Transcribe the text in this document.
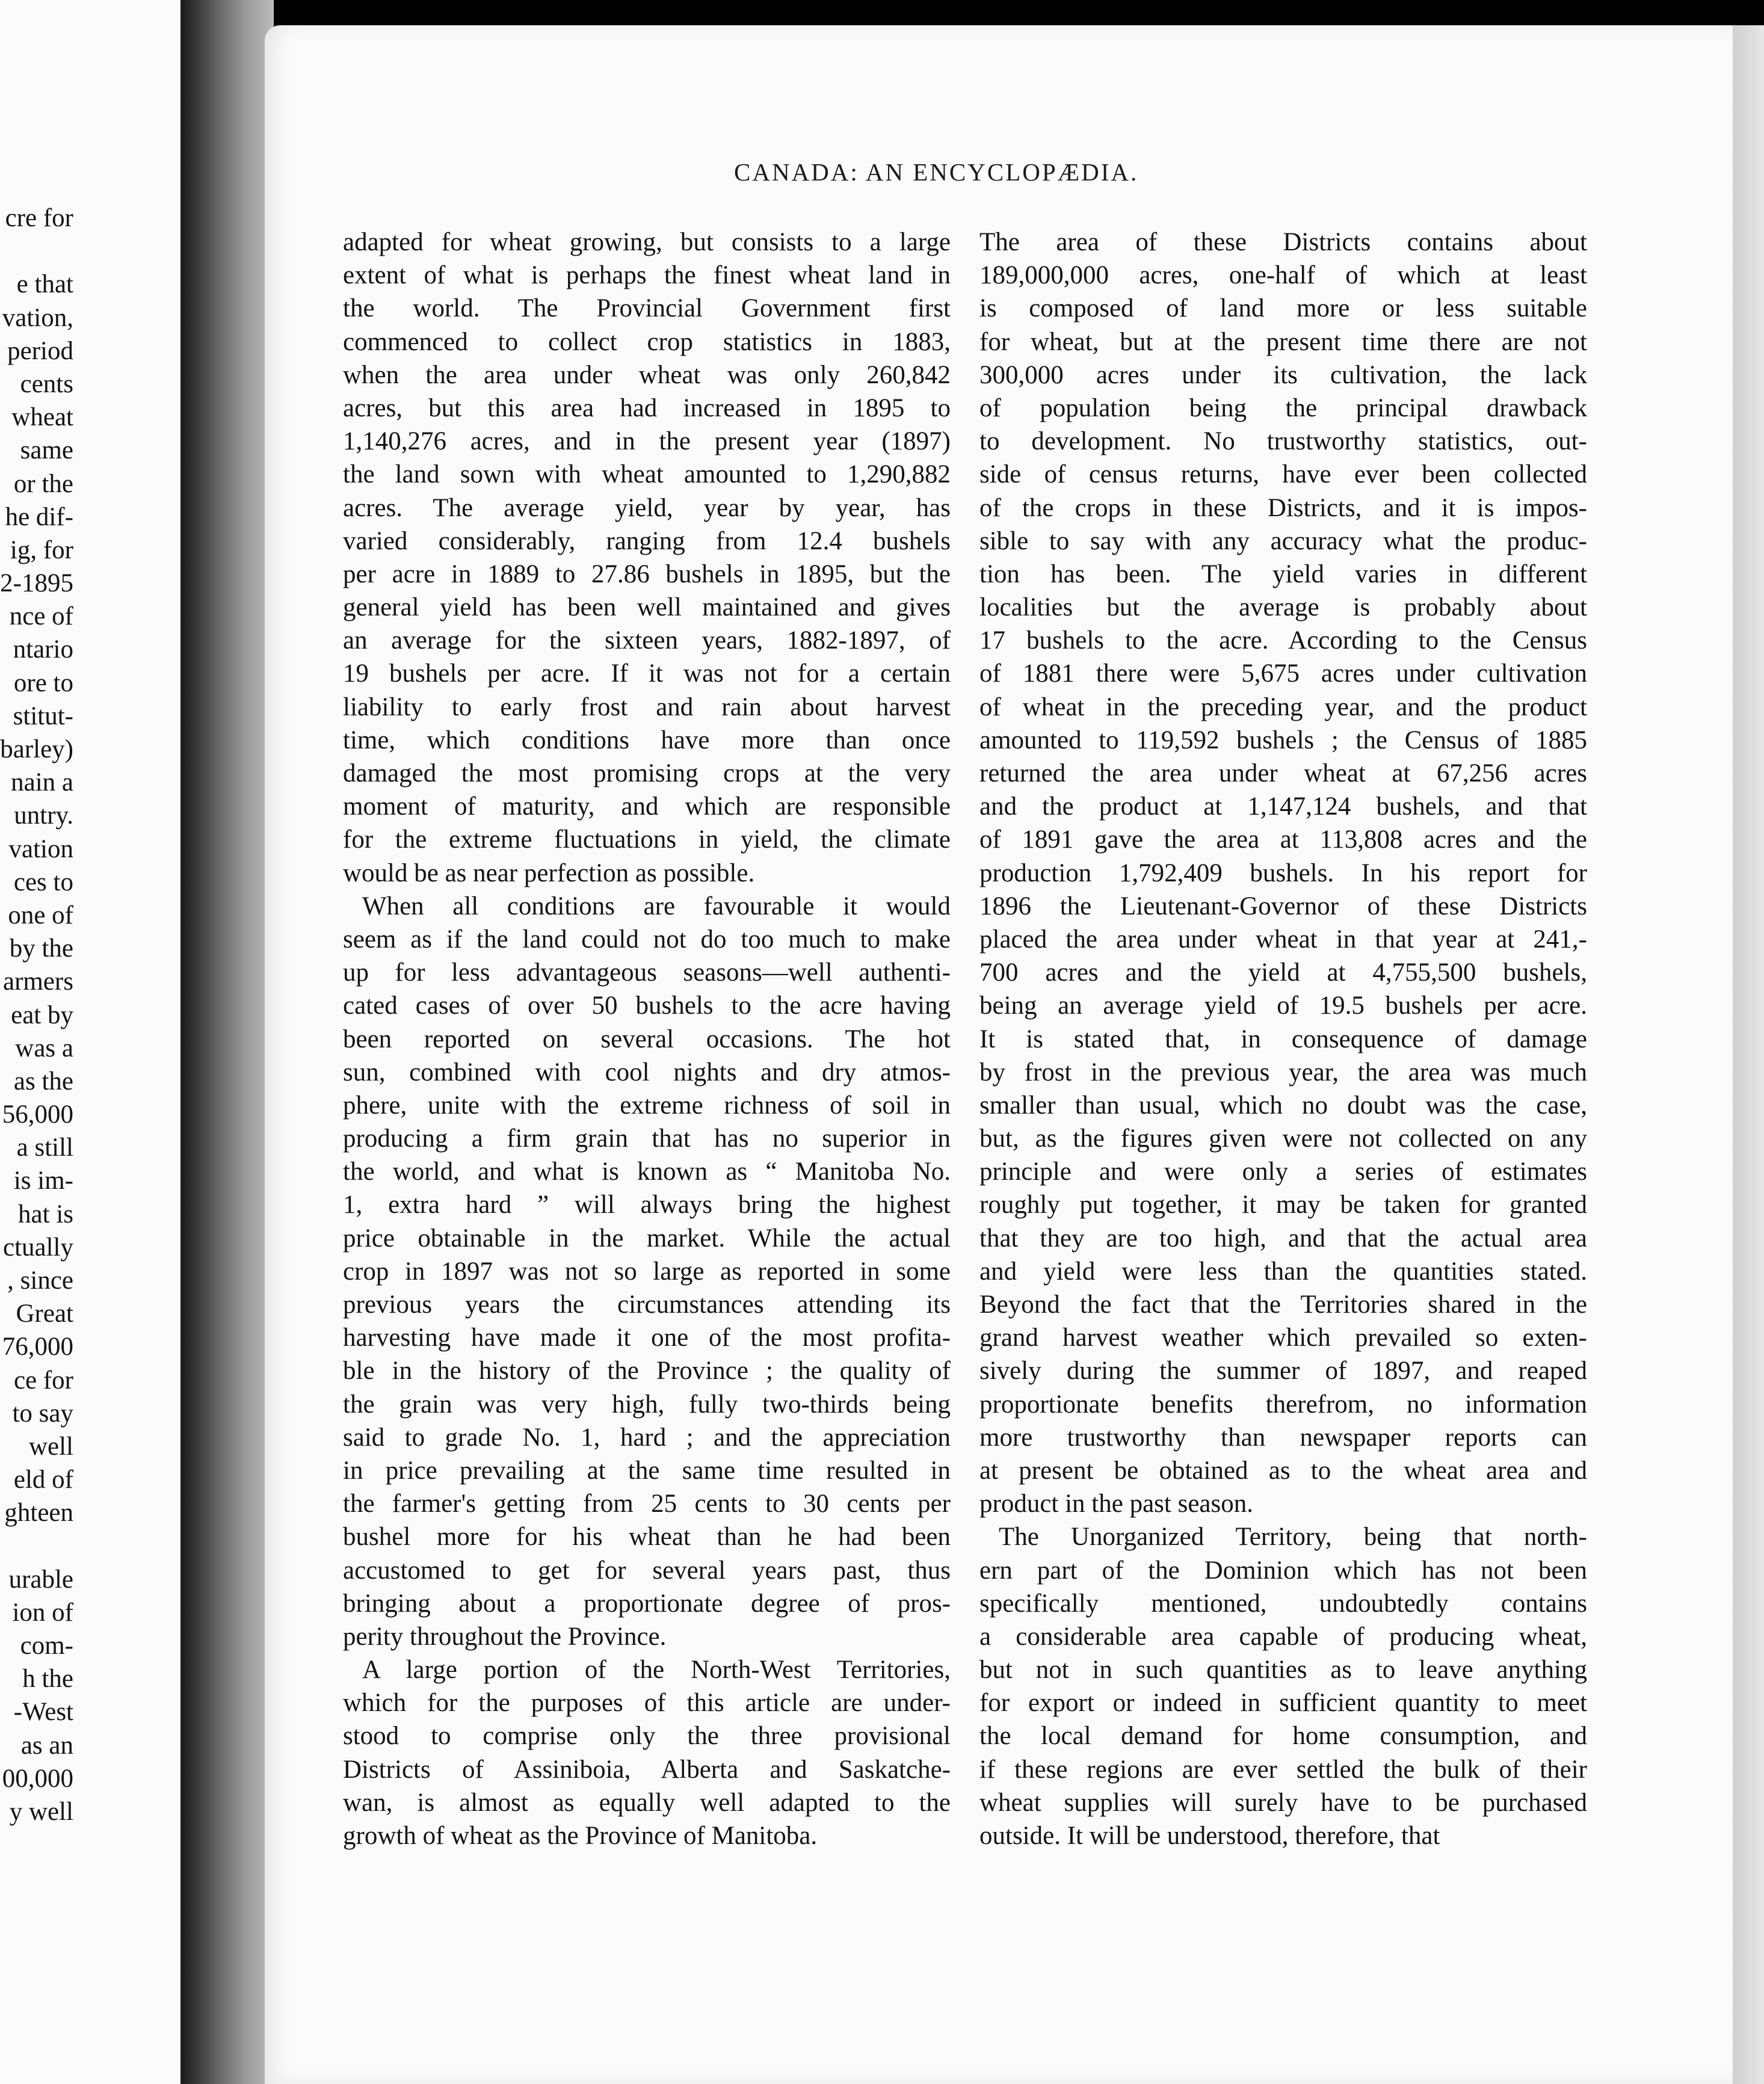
cre for
e that
vation,
period
cents
wheat
same
or the
he dif-
ig, for
2-1895
nce of
ntario
ore to
stitut-
barley)
nain a
untry.
vation
ces to
one of
by the
armers
eat by
was a
as the
56,000
a still
is im-
hat is
ctually
, since
Great
76,000
ce for
to say
well
eld of
ghteen
urable
ion of
com-
h the
-West
as an
00,000
y well
CANADA: AN ENCYCLOPÆDIA.
adapted for wheat growing, but consists to a large
extent of what is perhaps the finest wheat land in
the world. The Provincial Government first
commenced to collect crop statistics in 1883,
when the area under wheat was only 260,842
acres, but this area had increased in 1895 to
1,140,276 acres, and in the present year (1897)
the land sown with wheat amounted to 1,290,882
acres. The average yield, year by year, has
varied considerably, ranging from 12.4 bushels
per acre in 1889 to 27.86 bushels in 1895, but the
general yield has been well maintained and gives
an average for the sixteen years, 1882-1897, of
19 bushels per acre. If it was not for a certain
liability to early frost and rain about harvest
time, which conditions have more than once
damaged the most promising crops at the very
moment of maturity, and which are responsible
for the extreme fluctuations in yield, the climate
would be as near perfection as possible.
When all conditions are favourable it would
seem as if the land could not do too much to make
up for less advantageous seasons—well authenti-
cated cases of over 50 bushels to the acre having
been reported on several occasions. The hot
sun, combined with cool nights and dry atmos-
phere, unite with the extreme richness of soil in
producing a firm grain that has no superior in
the world, and what is known as “ Manitoba No.
1, extra hard ” will always bring the highest
price obtainable in the market. While the actual
crop in 1897 was not so large as reported in some
previous years the circumstances attending its
harvesting have made it one of the most profita-
ble in the history of the Province ; the quality of
the grain was very high, fully two-thirds being
said to grade No. 1, hard ; and the appreciation
in price prevailing at the same time resulted in
the farmer's getting from 25 cents to 30 cents per
bushel more for his wheat than he had been
accustomed to get for several years past, thus
bringing about a proportionate degree of pros-
perity throughout the Province.
A large portion of the North-West Territories,
which for the purposes of this article are under-
stood to comprise only the three provisional
Districts of Assiniboia, Alberta and Saskatche-
wan, is almost as equally well adapted to the
growth of wheat as the Province of Manitoba.
The area of these Districts contains about
189,000,000 acres, one-half of which at least
is composed of land more or less suitable
for wheat, but at the present time there are not
300,000 acres under its cultivation, the lack
of population being the principal drawback
to development. No trustworthy statistics, out-
side of census returns, have ever been collected
of the crops in these Districts, and it is impos-
sible to say with any accuracy what the produc-
tion has been. The yield varies in different
localities but the average is probably about
17 bushels to the acre. According to the Census
of 1881 there were 5,675 acres under cultivation
of wheat in the preceding year, and the product
amounted to 119,592 bushels ; the Census of 1885
returned the area under wheat at 67,256 acres
and the product at 1,147,124 bushels, and that
of 1891 gave the area at 113,808 acres and the
production 1,792,409 bushels. In his report for
1896 the Lieutenant-Governor of these Districts
placed the area under wheat in that year at 241,-
700 acres and the yield at 4,755,500 bushels,
being an average yield of 19.5 bushels per acre.
It is stated that, in consequence of damage
by frost in the previous year, the area was much
smaller than usual, which no doubt was the case,
but, as the figures given were not collected on any
principle and were only a series of estimates
roughly put together, it may be taken for granted
that they are too high, and that the actual area
and yield were less than the quantities stated.
Beyond the fact that the Territories shared in the
grand harvest weather which prevailed so exten-
sively during the summer of 1897, and reaped
proportionate benefits therefrom, no information
more trustworthy than newspaper reports can
at present be obtained as to the wheat area and
product in the past season.
The Unorganized Territory, being that north-
ern part of the Dominion which has not been
specifically mentioned, undoubtedly contains
a considerable area capable of producing wheat,
but not in such quantities as to leave anything
for export or indeed in sufficient quantity to meet
the local demand for home consumption, and
if these regions are ever settled the bulk of their
wheat supplies will surely have to be purchased
outside. It will be understood, therefore, that
